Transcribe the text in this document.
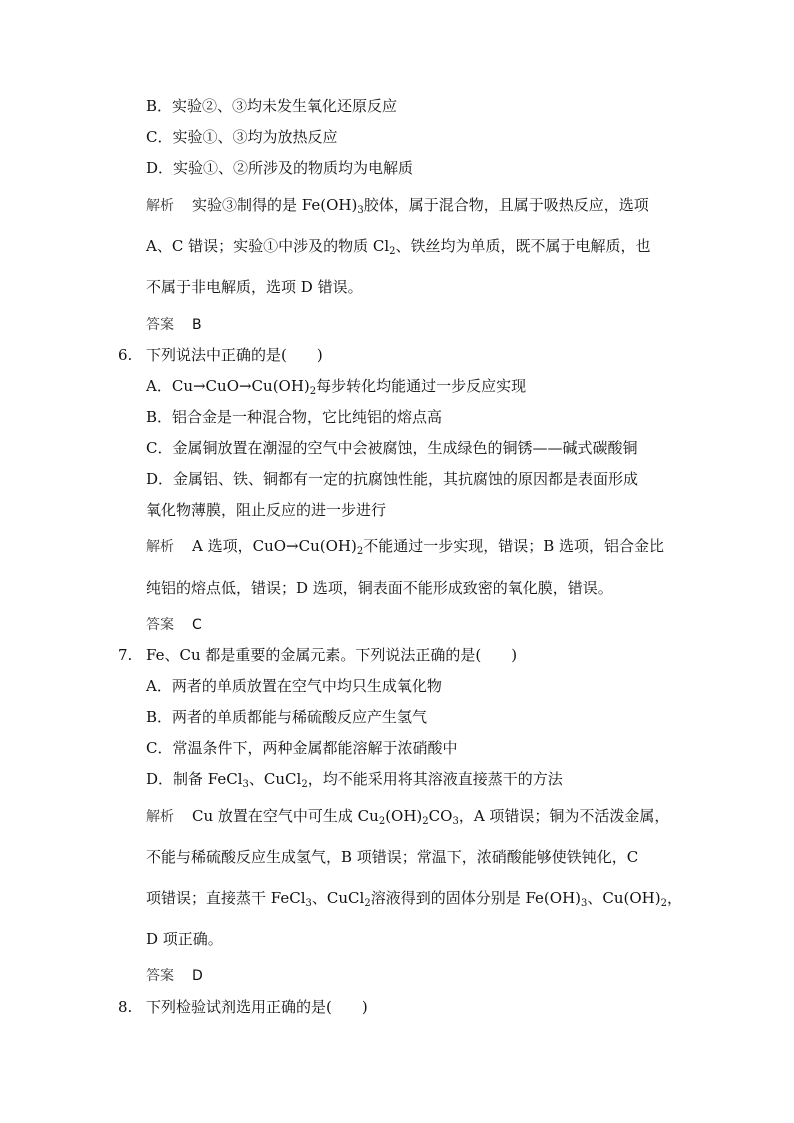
B．实验②、③均未发生氧化还原反应
C．实验①、③均为放热反应
D．实验①、②所涉及的物质均为电解质
解析 实验③制得的是 $Fe(OH)_3$胶体，属于混合物，且属于吸热反应，选项
A、C 错误；实验①中涉及的物质 $Cl_2$、铁丝均为单质，既不属于电解质，也
不属于非电解质，选项 D 错误。
答案 B
6. 下列说法中正确的是(　　)
A．$Cu\to CuO\to Cu(OH)_2$每步转化均能通过一步反应实现
B．铝合金是一种混合物，它比纯铝的熔点高
C．金属铜放置在潮湿的空气中会被腐蚀，生成绿色的铜锈——碱式碳酸铜
D．金属铝、铁、铜都有一定的抗腐蚀性能，其抗腐蚀的原因都是表面形成
氧化物薄膜，阻止反应的进一步进行
解析 A 选项，$CuO\to Cu(OH)_2$不能通过一步实现，错误；B 选项，铝合金比
纯铝的熔点低，错误；D 选项，铜表面不能形成致密的氧化膜，错误。
答案 C
7. Fe、Cu 都是重要的金属元素。下列说法正确的是(　　)
A．两者的单质放置在空气中均只生成氧化物
B．两者的单质都能与稀硫酸反应产生氢气
C．常温条件下，两种金属都能溶解于浓硝酸中
D．制备 FeCl$_3$、CuCl$_2$，均不能采用将其溶液直接蒸干的方法
解析 Cu 放置在空气中可生成 $Cu_2(OH)_2CO_3$，A 项错误；铜为不活泼金属，
不能与稀硫酸反应生成氢气，B 项错误；常温下，浓硝酸能够使铁钝化，C
项错误；直接蒸干 FeCl$_3$、CuCl$_2$溶液得到的固体分别是 $Fe(OH)_3$、$Cu(OH)_2$，
D 项正确。
答案 D
8. 下列检验试剂选用正确的是(　　)
